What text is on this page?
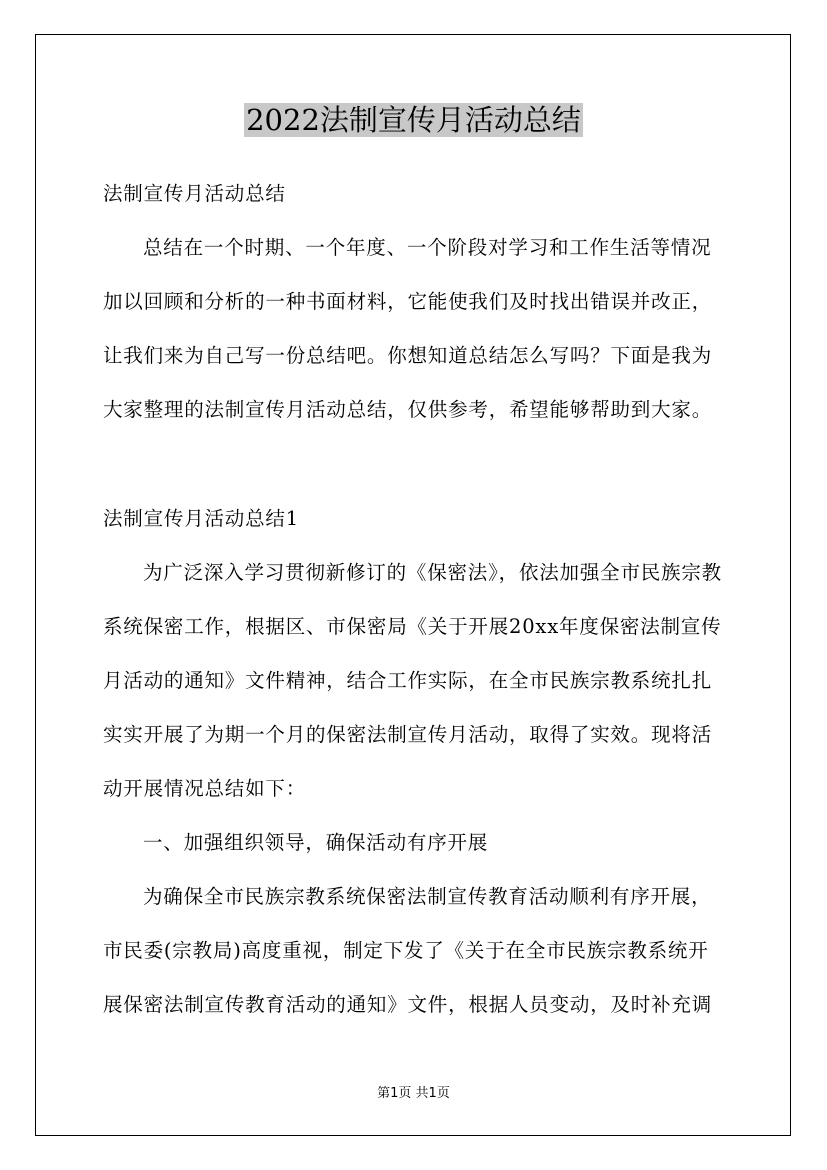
2022法制宣传月活动总结
法制宣传月活动总结
总结在一个时期、一个年度、一个阶段对学习和工作生活等情况
加以回顾和分析的一种书面材料，它能使我们及时找出错误并改正，
让我们来为自己写一份总结吧。你想知道总结怎么写吗？下面是我为
大家整理的法制宣传月活动总结，仅供参考，希望能够帮助到大家。
法制宣传月活动总结1
为广泛深入学习贯彻新修订的《保密法》，依法加强全市民族宗教
系统保密工作，根据区、市保密局《关于开展20xx年度保密法制宣传
月活动的通知》文件精神，结合工作实际，在全市民族宗教系统扎扎
实实开展了为期一个月的保密法制宣传月活动，取得了实效。现将活
动开展情况总结如下：
一、加强组织领导，确保活动有序开展
为确保全市民族宗教系统保密法制宣传教育活动顺利有序开展，
市民委(宗教局)高度重视，制定下发了《关于在全市民族宗教系统开
展保密法制宣传教育活动的通知》文件，根据人员变动，及时补充调
第1页 共1页
